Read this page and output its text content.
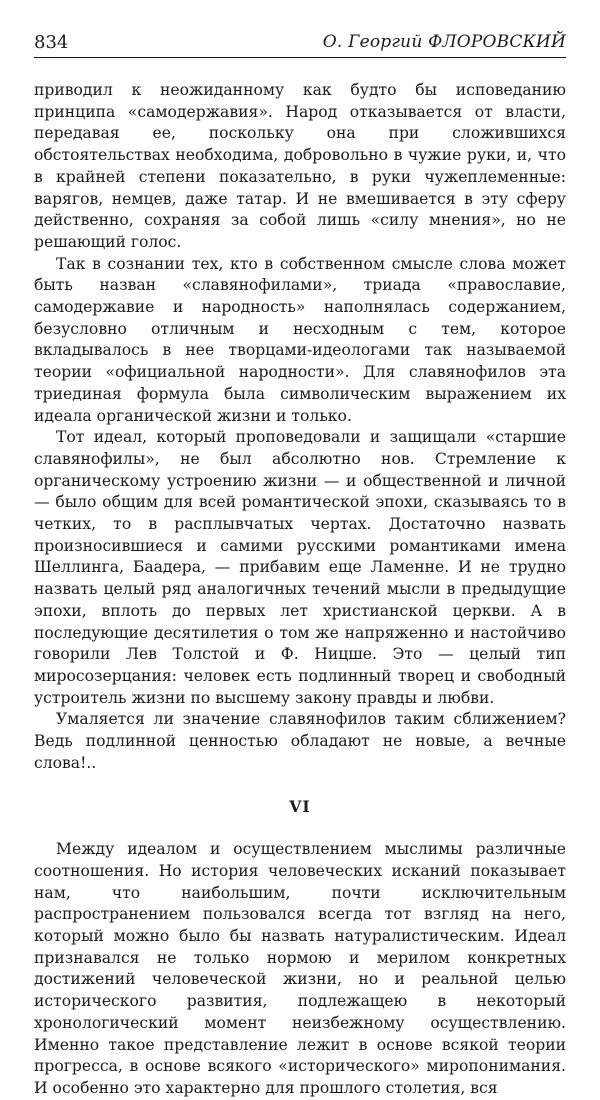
834	О. Георгий ФЛОРОВСКИЙ

приводил к неожиданному как будто бы исповеданию принципа «самодержавия». Народ отказывается от власти, передавая ее, поскольку она при сложившихся обстоятельствах необходима, добровольно в чужие руки, и, что в крайней степени показательно, в руки чужеплеменные: варягов, немцев, даже татар. И не вмешивается в эту сферу действенно, сохраняя за собой лишь «силу мнения», но не решающий голос.

Так в сознании тех, кто в собственном смысле слова может быть назван «славянофилами», триада «православие, самодержавие и народность» наполнялась содержанием, безусловно отличным и несходным с тем, которое вкладывалось в нее творцами-идеологами так называемой теории «официальной народности». Для славянофилов эта триединая формула была символическим выражением их идеала органической жизни и только.

Тот идеал, который проповедовали и защищали «старшие славянофилы», не был абсолютно нов. Стремление к органическому устроению жизни — и общественной и личной — было общим для всей романтической эпохи, сказываясь то в четких, то в расплывчатых чертах. Достаточно назвать произносившиеся и самими русскими романтиками имена Шеллинга, Баадера, — прибавим еще Ламенне. И не трудно назвать целый ряд аналогичных течений мысли в предыдущие эпохи, вплоть до первых лет христианской церкви. А в последующие десятилетия о том же напряженно и настойчиво говорили Лев Толстой и Ф. Ницше. Это — целый тип миросозерцания: человек есть подлинный творец и свободный устроитель жизни по высшему закону правды и любви.

Умаляется ли значение славянофилов таким сближением? Ведь подлинной ценностью обладают не новые, а вечные слова!..

VI

Между идеалом и осуществлением мыслимы различные соотношения. Но история человеческих исканий показывает нам, что наибольшим, почти исключительным распространением пользовался всегда тот взгляд на него, который можно было бы назвать натуралистическим. Идеал признавался не только нормою и мерилом конкретных достижений человеческой жизни, но и реальной целью исторического развития, подлежащею в некоторый хронологический момент неизбежному осуществлению. Именно такое представление лежит в основе всякой теории прогресса, в основе всякого «исторического» миропонимания. И особенно это характерно для прошлого столетия, вся
